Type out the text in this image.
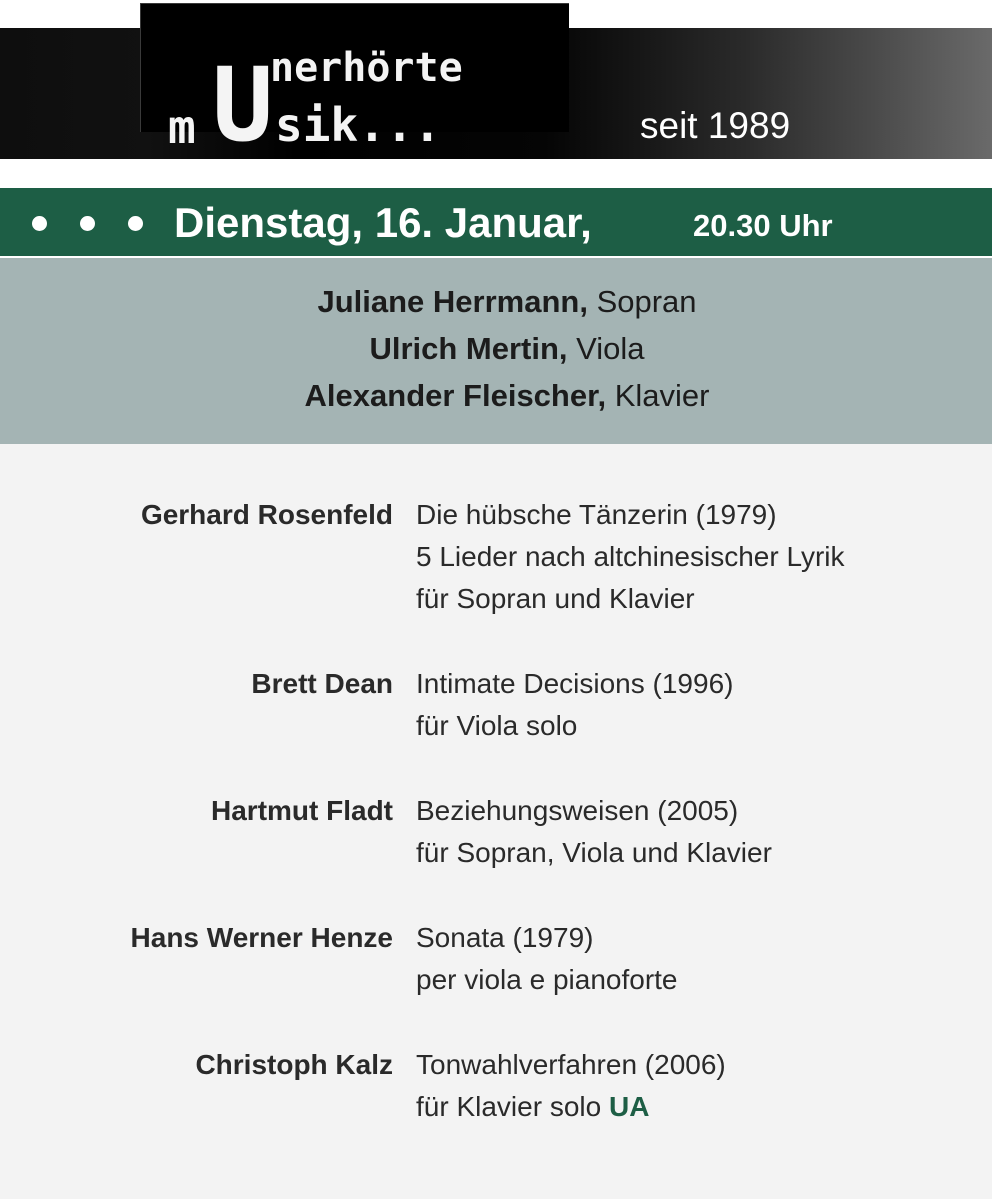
U
nerhörte
m sik...	seit 1989
Dienstag, 16. Januar,	20.30 Uhr
Juliane Herrmann, Sopran
Ulrich Mertin, Viola
Alexander Fleischer, Klavier
Gerhard Rosenfeld Die hübsche Tänzerin (1979)
5 Lieder nach altchinesischer Lyrik
für Sopran und Klavier
Brett Dean Intimate Decisions (1996)
für Viola solo
Hartmut Fladt Beziehungsweisen (2005)
für Sopran, Viola und Klavier
Hans Werner Henze Sonata (1979)
per viola e pianoforte
Christoph Kalz Tonwahlverfahren (2006)
für Klavier solo UA
